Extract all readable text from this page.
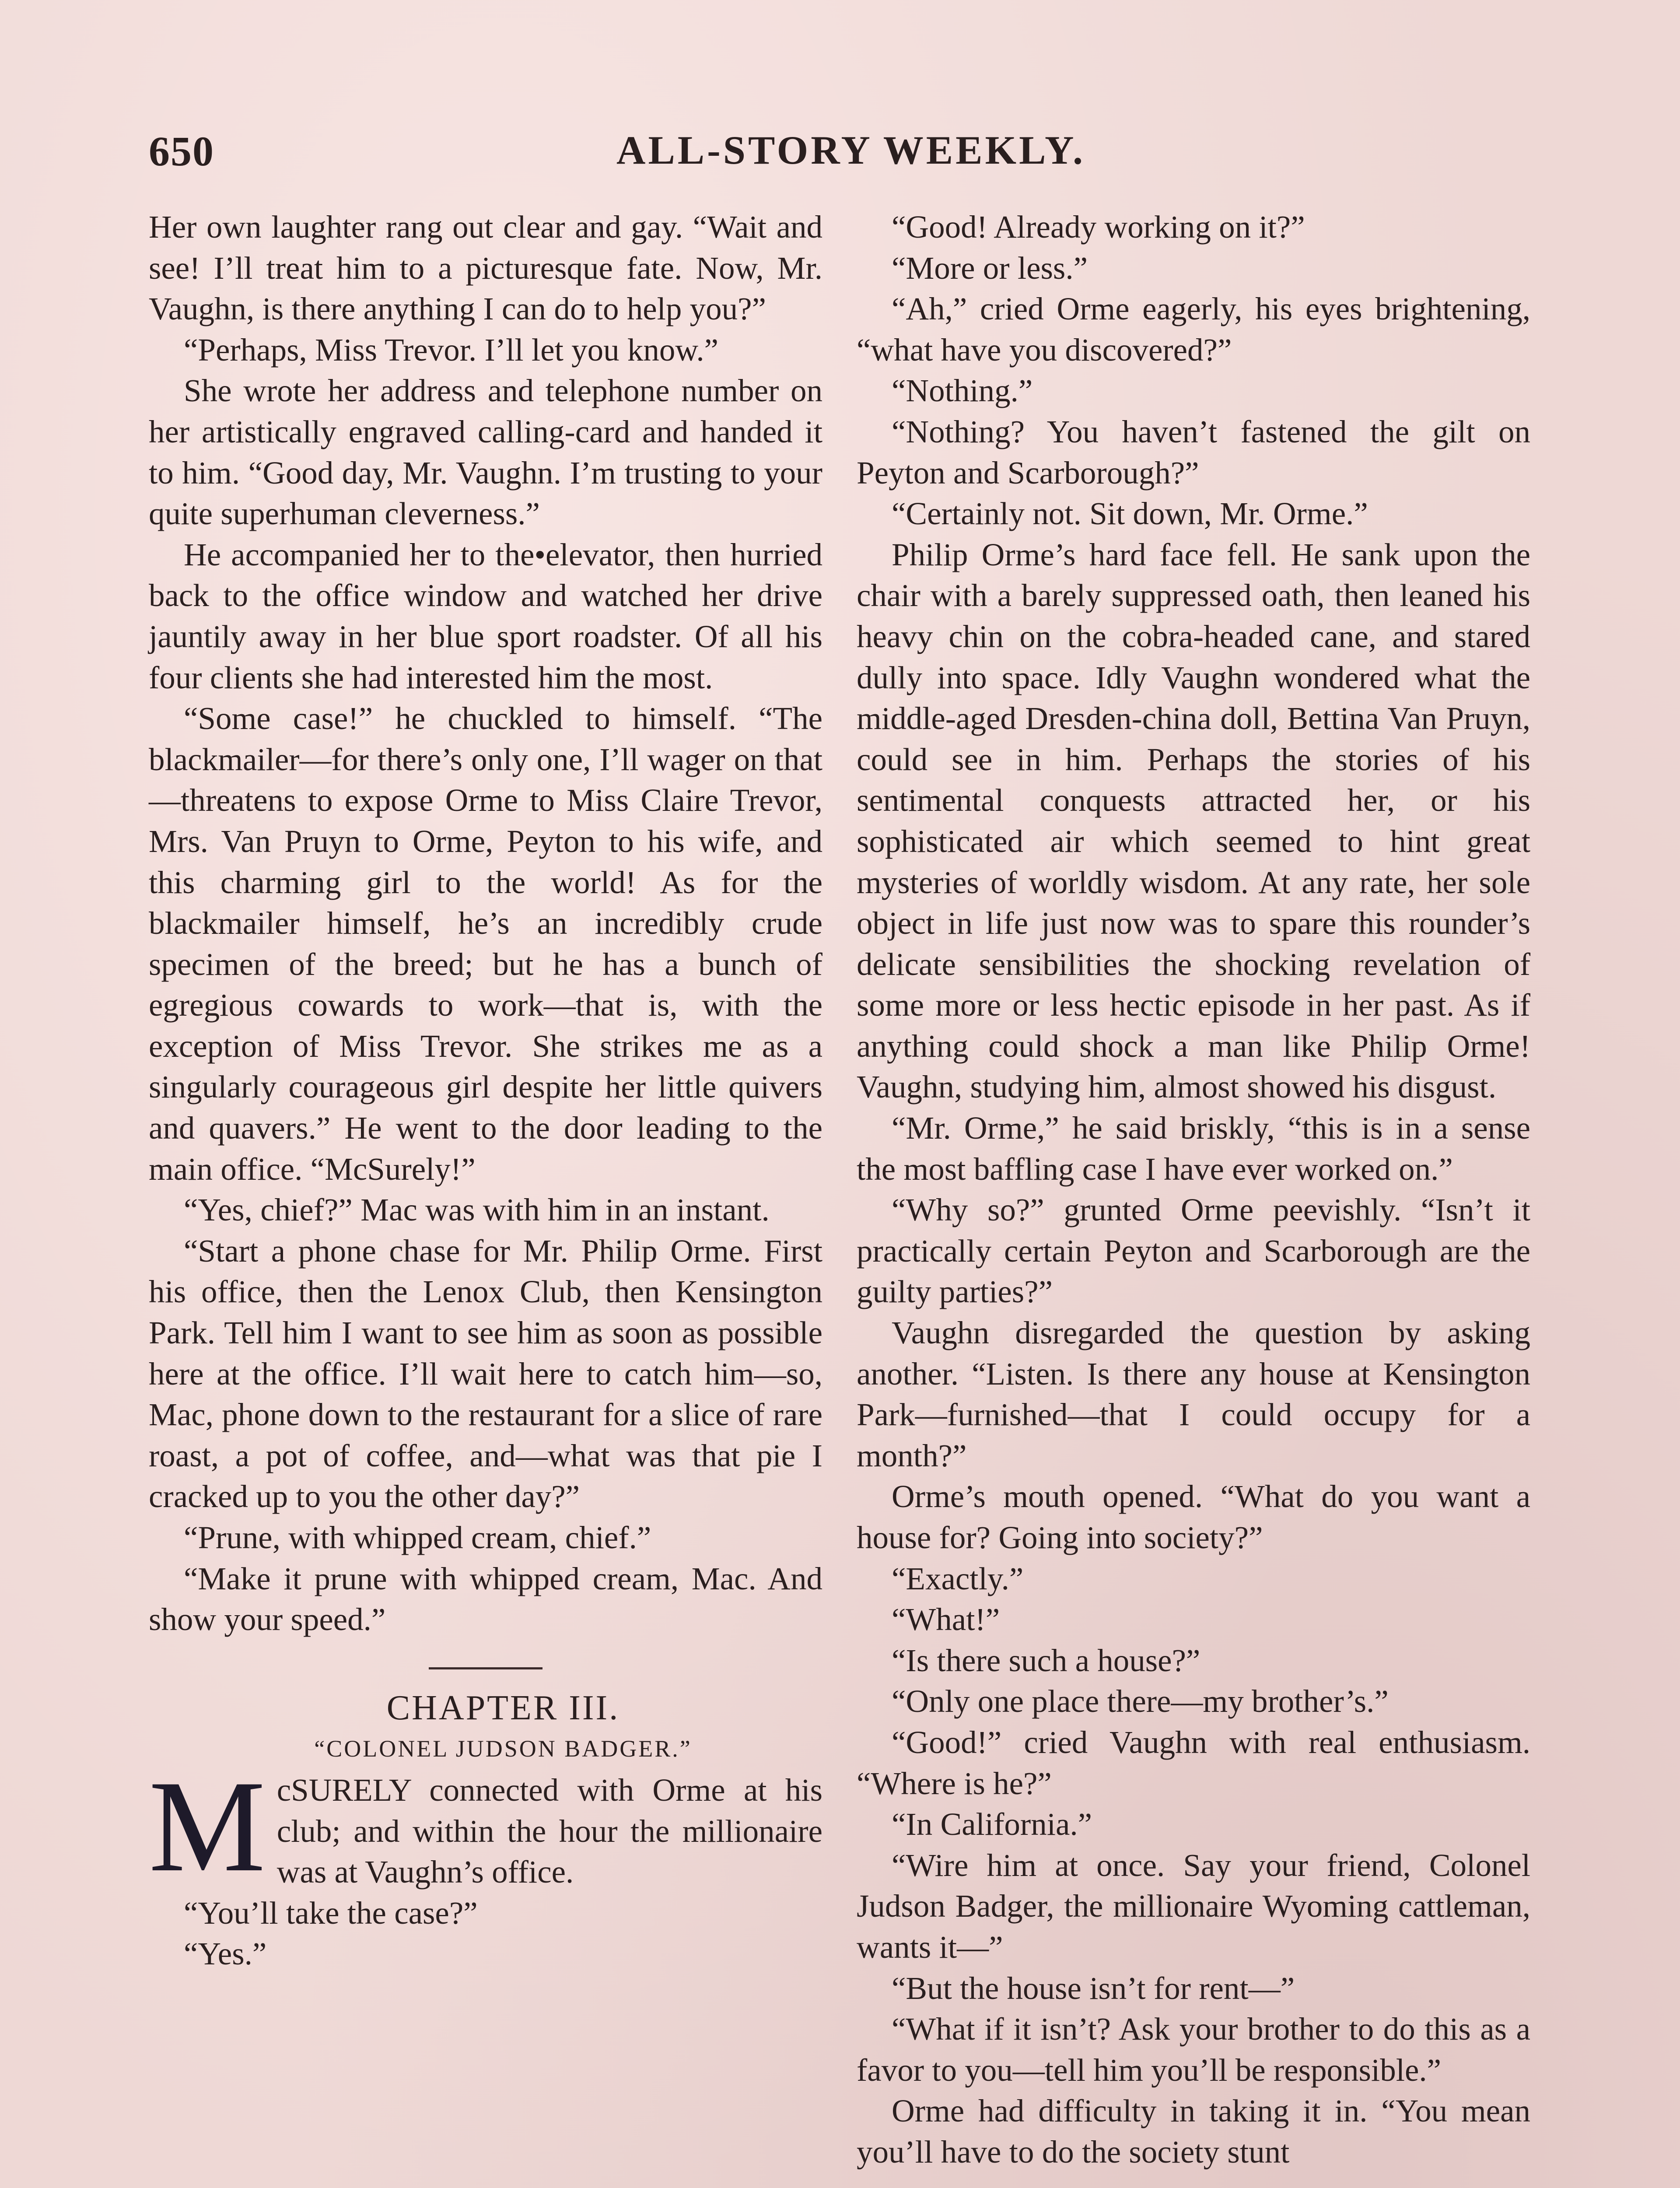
650	ALL-STORY WEEKLY.

Her own laughter rang out clear and gay. “Wait and see! I’ll treat him to a picturesque fate. Now, Mr. Vaughn, is there anything I can do to help you?”

“Perhaps, Miss Trevor. I’ll let you know.”

She wrote her address and telephone number on her artistically engraved calling-card and handed it to him. “Good day, Mr. Vaughn. I’m trusting to your quite superhuman cleverness.”

He accompanied her to the•elevator, then hurried back to the office window and watched her drive jauntily away in her blue sport roadster. Of all his four clients she had interested him the most.

“Some case!” he chuckled to himself. “The blackmailer—for there’s only one, I’ll wager on that—threatens to expose Orme to Miss Claire Trevor, Mrs. Van Pruyn to Orme, Peyton to his wife, and this charming girl to the world! As for the blackmailer himself, he’s an incredibly crude specimen of the breed; but he has a bunch of egregious cowards to work—that is, with the exception of Miss Trevor. She strikes me as a singularly courageous girl despite her little quivers and quavers.” He went to the door leading to the main office. “McSurely!”

“Yes, chief?” Mac was with him in an instant.

“Start a phone chase for Mr. Philip Orme. First his office, then the Lenox Club, then Kensington Park. Tell him I want to see him as soon as possible here at the office. I’ll wait here to catch him—so, Mac, phone down to the restaurant for a slice of rare roast, a pot of coffee, and—what was that pie I cracked up to you the other day?”

“Prune, with whipped cream, chief.”

“Make it prune with whipped cream, Mac. And show your speed.”

CHAPTER III.

“COLONEL JUDSON BADGER.”

M cSURELY connected with Orme at his club; and within the hour the millionaire was at Vaughn’s office.

“You’ll take the case?”

“Yes.”

“Good! Already working on it?”

“More or less.”

“Ah,” cried Orme eagerly, his eyes brightening, “what have you discovered?”

“Nothing.”

“Nothing? You haven’t fastened the gilt on Peyton and Scarborough?”

“Certainly not. Sit down, Mr. Orme.”

Philip Orme’s hard face fell. He sank upon the chair with a barely suppressed oath, then leaned his heavy chin on the cobra-headed cane, and stared dully into space. Idly Vaughn wondered what the middle-aged Dresden-china doll, Bettina Van Pruyn, could see in him. Perhaps the stories of his sentimental conquests attracted her, or his sophisticated air which seemed to hint great mysteries of worldly wisdom. At any rate, her sole object in life just now was to spare this rounder’s delicate sensibilities the shocking revelation of some more or less hectic episode in her past. As if anything could shock a man like Philip Orme! Vaughn, studying him, almost showed his disgust.

“Mr. Orme,” he said briskly, “this is in a sense the most baffling case I have ever worked on.”

“Why so?” grunted Orme peevishly. “Isn’t it practically certain Peyton and Scarborough are the guilty parties?”

Vaughn disregarded the question by asking another. “Listen. Is there any house at Kensington Park—furnished—that I could occupy for a month?”

Orme’s mouth opened. “What do you want a house for? Going into society?”

“Exactly.”

“What!”

“Is there such a house?”

“Only one place there—my brother’s.”

“Good!” cried Vaughn with real enthusiasm. “Where is he?”

“In California.”

“Wire him at once. Say your friend, Colonel Judson Badger, the millionaire Wyoming cattleman, wants it—”

“But the house isn’t for rent—”

“What if it isn’t? Ask your brother to do this as a favor to you—tell him you’ll be responsible.”

Orme had difficulty in taking it in. “You mean you’ll have to do the society stunt
